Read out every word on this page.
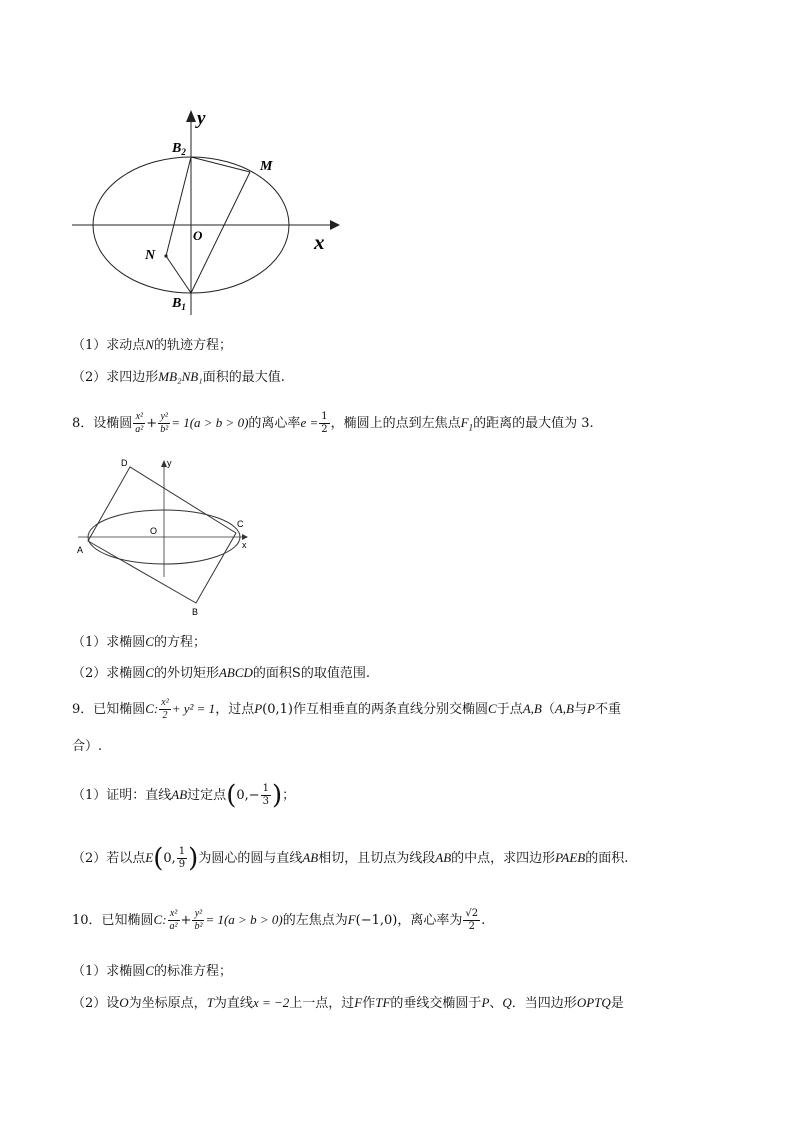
y
x
O
$B_2$
$B_1$
M
N
（1）求动点N的轨迹方程；
（2）求四边形MB₂NB₁面积的最大值.
8．设椭圆 $\frac{\text{x²}}{\text{a²}} + \frac{\text{y²}}{\text{b²}} = 1(a > b > 0)$的离心率$e = \frac{1}{2}$ ，椭圆上的点到左焦点$F_1$的距离的最大值为 3.
D	y
O
C
A	x
B
（1）求椭圆C的方程；
（2）求椭圆C的外切矩形ABCD的面积S的取值范围.
9．已知椭圆C: $\frac{\text{x²}}{2} + y^2 = 1$，过点P(0,1)作互相垂直的两条直线分别交椭圆C于点A,B（A,B与P不重
合）.
（1）证明：直线AB过定点($0,- \frac{1}{3}$ )；
（2）若以点E(0, $\frac{1}{9}$ )为圆心的圆与直线AB相切，且切点为线段AB的中点，求四边形PAEB的面积.
10．已知椭圆C: $\frac{\text{x²}}{\text{a²}} + \frac{\text{y²}}{\text{b²}} = 1(a > b > 0)$的左焦点为F(−1,0)，离心率为 $\frac{√2}{2}$ .
（1）求椭圆C的标准方程；
（2）设O为坐标原点，T为直线x = −2上一点，过F作TF的垂线交椭圆于P、Q．当四边形OPTQ是
